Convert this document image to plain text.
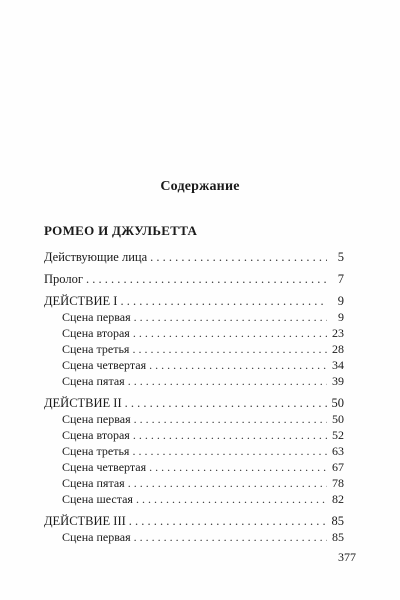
Содержание
РОМЕО И ДЖУЛЬЕТТА
Действующие лица . . .	5
Пролог . . .	7
ДЕЙСТВИЕ I . . .	9
Сцена первая . . .	9
Сцена вторая . . .	23
Сцена третья . . .	28
Сцена четвертая . . .	34
Сцена пятая . . .	39
ДЕЙСТВИЕ II . . .	50
Сцена первая . . .	50
Сцена вторая . . .	52
Сцена третья . . .	63
Сцена четвертая . . .	67
Сцена пятая . . .	78
Сцена шестая . . .	82
ДЕЙСТВИЕ III . . .	85
Сцена первая . . .	85
377
